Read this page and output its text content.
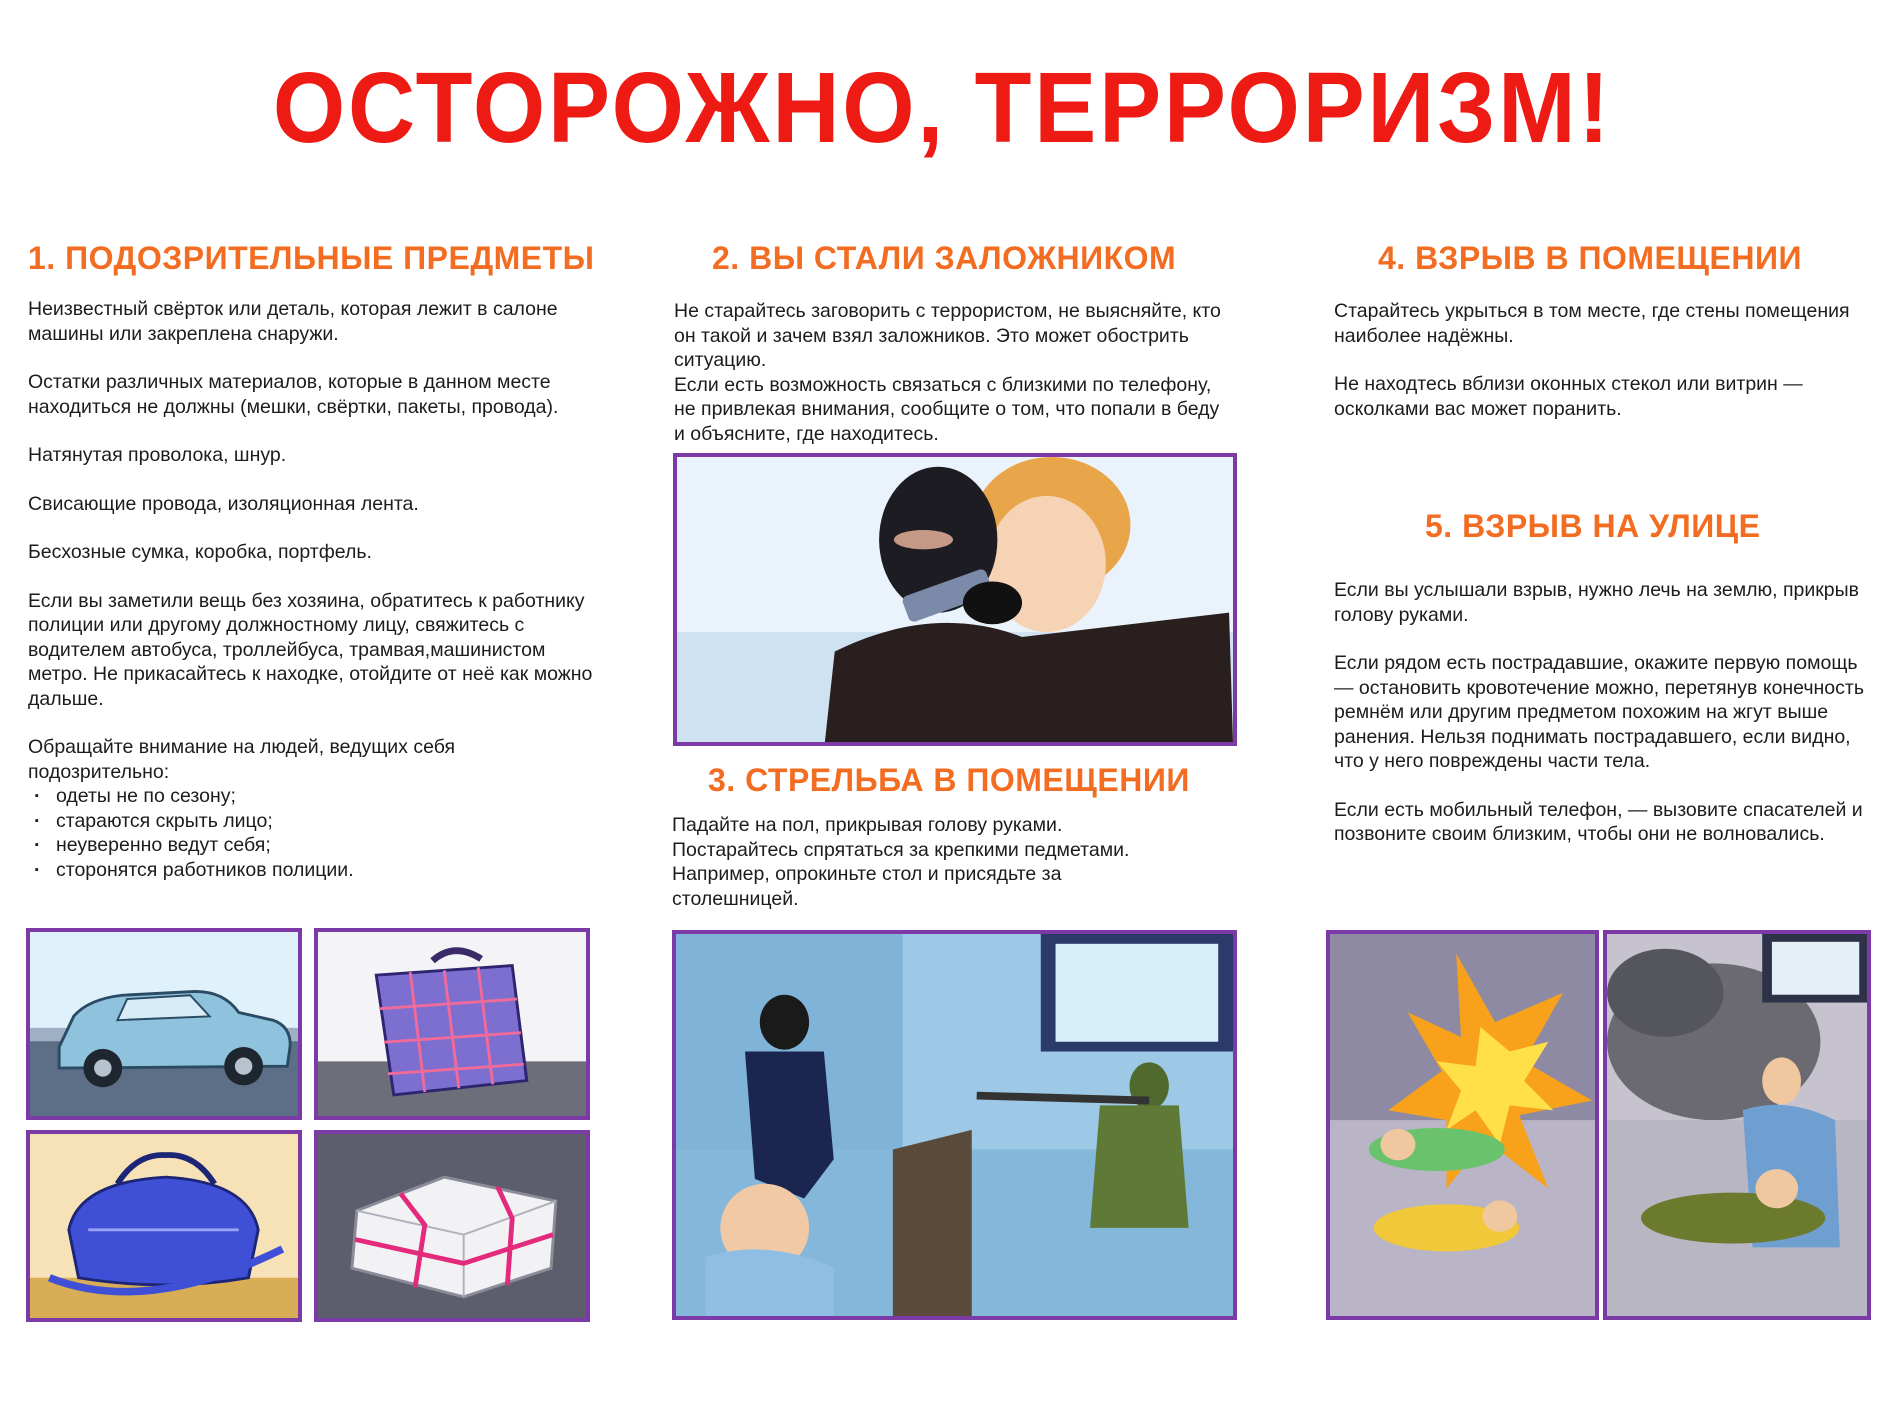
ОСТОРОЖНО, ТЕРРОРИЗМ!
1. ПОДОЗРИТЕЛЬНЫЕ ПРЕДМЕТЫ

Неизвестный свёрток или деталь, которая лежит в салоне машины или закреплена снаружи.

Остатки различных материалов, которые в данном месте находиться не должны (мешки, свёртки, пакеты, провода).

Натянутая проволока, шнур.

Свисающие провода, изоляционная лента.

Бесхозные сумка, коробка, портфель.

Если вы заметили вещь без хозяина, обратитесь к работнику полиции или другому должностному лицу, свяжитесь с водителем автобуса, троллейбуса, трамвая,машинистом метро. Не прикасайтесь к находке, отойдите от неё как можно дальше.

Обращайте внимание на людей, ведущих себя подозрительно:

· одеты не по сезону;
· стараются скрыть лицо;
· неуверенно ведут себя;
· сторонятся работников полиции.
2. ВЫ СТАЛИ ЗАЛОЖНИКОМ

Не старайтесь заговорить с террористом, не выясняйте, кто он такой и зачем взял заложников. Это может обострить ситуацию.

Если есть возможность связаться с близкими по телефону, не привлекая внимания, сообщите о том, что попали в беду и объясните, где находитесь.

3. СТРЕЛЬБА В ПОМЕЩЕНИИ
Падайте на пол, прикрывая голову руками. Постарайтесь спрятаться за крепкими педметами. Например, опрокиньте стол и присядьте за столешницей.
4. ВЗРЫВ В ПОМЕЩЕНИИ

Старайтесь укрыться в том месте, где стены помещения наиболее надёжны.

Не находтесь вблизи оконных стекол или витрин — осколками вас может поранить.

5. ВЗРЫВ НА УЛИЦЕ

Если вы услышали взрыв, нужно лечь на землю, прикрыв голову руками.

Если рядом есть пострадавшие, окажите первую помощь — остановить кровотечение можно, перетянув конечность ремнём или другим предметом похожим на жгут выше ранения. Нельзя поднимать пострадавшего, если видно, что у него повреждены части тела.

Если есть мобильный телефон, — вызовите спасателей и позвоните своим близким, чтобы они не волновались.
